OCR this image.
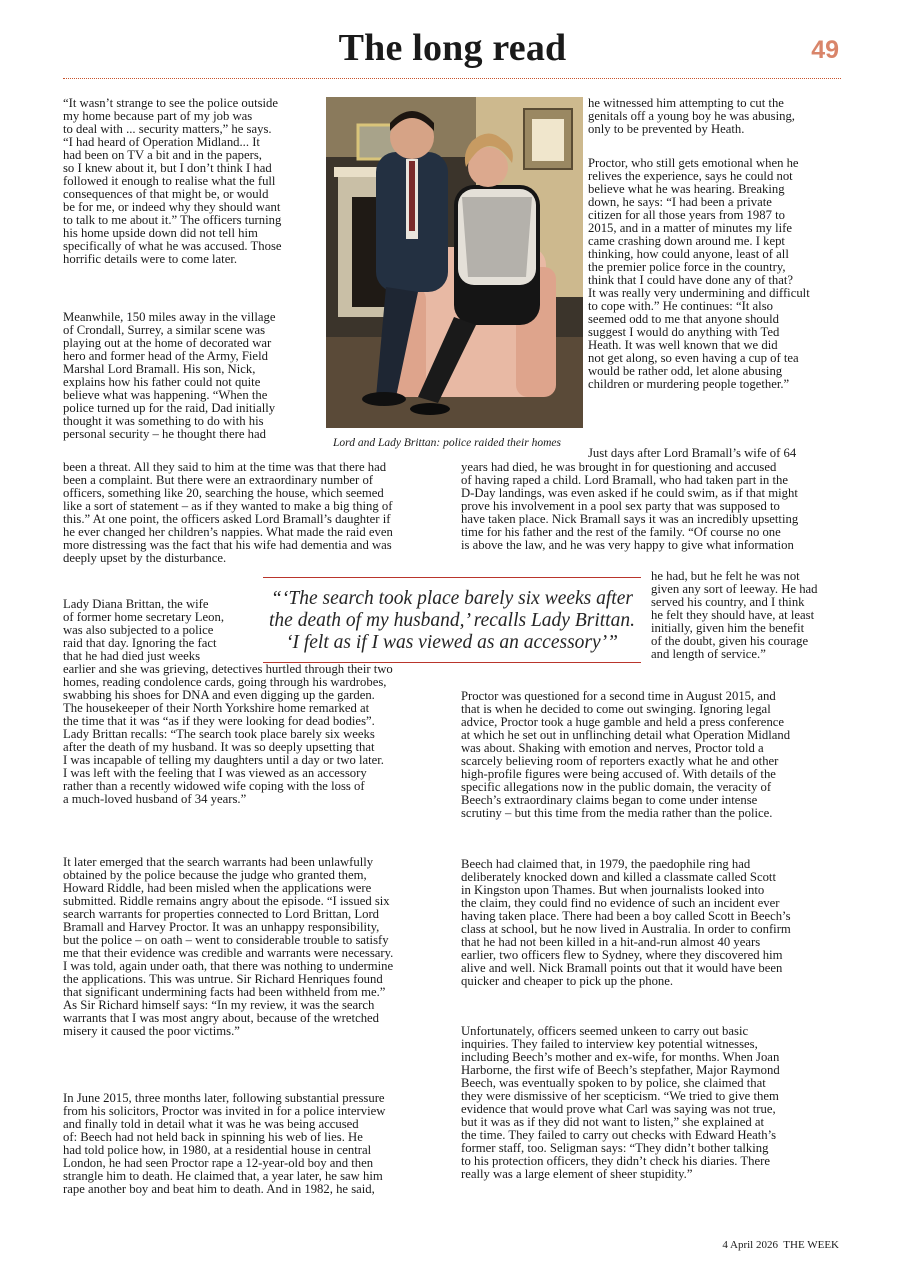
The long read	49

“It wasn’t strange to see the police outside
my home because part of my job was
to deal with ... security matters,” he says.
“I had heard of Operation Midland... It
had been on TV a bit and in the papers,
so I knew about it, but I don’t think I had
followed it enough to realise what the full
consequences of that might be, or would
be for me, or indeed why they should want
to talk to me about it.” The officers turning
his home upside down did not tell him
specifically of what he was accused. Those
horrific details were to come later.

Meanwhile, 150 miles away in the village
of Crondall, Surrey, a similar scene was
playing out at the home of decorated war
hero and former head of the Army, Field
Marshal Lord Bramall. His son, Nick,
explains how his father could not quite
believe what was happening. “When the
police turned up for the raid, Dad initially
thought it was something to do with his
personal security – he thought there had

been a threat. All they said to him at the time was that there had
been a complaint. But there were an extraordinary number of
officers, something like 20, searching the house, which seemed
like a sort of statement – as if they wanted to make a big thing of
this.” At one point, the officers asked Lord Bramall’s daughter if
he ever changed her children’s nappies. What made the raid even
more distressing was the fact that his wife had dementia and was
deeply upset by the disturbance.

Lady Diana Brittan, the wife
of former home secretary Leon,
was also subjected to a police
raid that day. Ignoring the fact
that he had died just weeks

earlier and she was grieving, detectives hurtled through their two
homes, reading condolence cards, going through his wardrobes,
swabbing his shoes for DNA and even digging up the garden.
The housekeeper of their North Yorkshire home remarked at
the time that it was “as if they were looking for dead bodies”.
Lady Brittan recalls: “The search took place barely six weeks
after the death of my husband. It was so deeply upsetting that
I was incapable of telling my daughters until a day or two later.
I was left with the feeling that I was viewed as an accessory
rather than a recently widowed wife coping with the loss of
a much-loved husband of 34 years.”

It later emerged that the search warrants had been unlawfully
obtained by the police because the judge who granted them,
Howard Riddle, had been misled when the applications were
submitted. Riddle remains angry about the episode. “I issued six
search warrants for properties connected to Lord Brittan, Lord
Bramall and Harvey Proctor. It was an unhappy responsibility,
but the police – on oath – went to considerable trouble to satisfy
me that their evidence was credible and warrants were necessary.
I was told, again under oath, that there was nothing to undermine
the applications. This was untrue. Sir Richard Henriques found
that significant undermining facts had been withheld from me.”
As Sir Richard himself says: “In my review, it was the search
warrants that I was most angry about, because of the wretched
misery it caused the poor victims.”

In June 2015, three months later, following substantial pressure
from his solicitors, Proctor was invited in for a police interview
and finally told in detail what it was he was being accused
of: Beech had not held back in spinning his web of lies. He
had told police how, in 1980, at a residential house in central
London, he had seen Proctor rape a 12-year-old boy and then
strangle him to death. He claimed that, a year later, he saw him
rape another boy and beat him to death. And in 1982, he said,

Lord and Lady Brittan: police raided their homes

he witnessed him attempting to cut the
genitals off a young boy he was abusing,
only to be prevented by Heath.

Proctor, who still gets emotional when he
relives the experience, says he could not
believe what he was hearing. Breaking
down, he says: “I had been a private
citizen for all those years from 1987 to
2015, and in a matter of minutes my life
came crashing down around me. I kept
thinking, how could anyone, least of all
the premier police force in the country,
think that I could have done any of that?
It was really very undermining and difficult
to cope with.” He continues: “It also
seemed odd to me that anyone should
suggest I would do anything with Ted
Heath. It was well known that we did
not get along, so even having a cup of tea
would be rather odd, let alone abusing
children or murdering people together.”

Just days after Lord Bramall’s wife of 64

years had died, he was brought in for questioning and accused
of having raped a child. Lord Bramall, who had taken part in the
D-Day landings, was even asked if he could swim, as if that might
prove his involvement in a pool sex party that was supposed to
have taken place. Nick Bramall says it was an incredibly upsetting
time for his father and the rest of the family. “Of course no one
is above the law, and he was very happy to give what information

he had, but he felt he was not
given any sort of leeway. He had
served his country, and I think
he felt they should have, at least
initially, given him the benefit
of the doubt, given his courage
and length of service.”

Proctor was questioned for a second time in August 2015, and
that is when he decided to come out swinging. Ignoring legal
advice, Proctor took a huge gamble and held a press conference
at which he set out in unflinching detail what Operation Midland
was about. Shaking with emotion and nerves, Proctor told a
scarcely believing room of reporters exactly what he and other
high-profile figures were being accused of. With details of the
specific allegations now in the public domain, the veracity of
Beech’s extraordinary claims began to come under intense
scrutiny – but this time from the media rather than the police.

Beech had claimed that, in 1979, the paedophile ring had
deliberately knocked down and killed a classmate called Scott
in Kingston upon Thames. But when journalists looked into
the claim, they could find no evidence of such an incident ever
having taken place. There had been a boy called Scott in Beech’s
class at school, but he now lived in Australia. In order to confirm
that he had not been killed in a hit-and-run almost 40 years
earlier, two officers flew to Sydney, where they discovered him
alive and well. Nick Bramall points out that it would have been
quicker and cheaper to pick up the phone.

Unfortunately, officers seemed unkeen to carry out basic
inquiries. They failed to interview key potential witnesses,
including Beech’s mother and ex-wife, for months. When Joan
Harborne, the first wife of Beech’s stepfather, Major Raymond
Beech, was eventually spoken to by police, she claimed that
they were dismissive of her scepticism. “We tried to give them
evidence that would prove what Carl was saying was not true,
but it was as if they did not want to listen,” she explained at
the time. They failed to carry out checks with Edward Heath’s
former staff, too. Seligman says: “They didn’t bother talking
to his protection officers, they didn’t check his diaries. There
really was a large element of sheer stupidity.”

“‘The search took place barely six weeks after
the death of my husband,’ recalls Lady Brittan.
‘I felt as if I was viewed as an accessory’”

4 April 2026  THE WEEK
